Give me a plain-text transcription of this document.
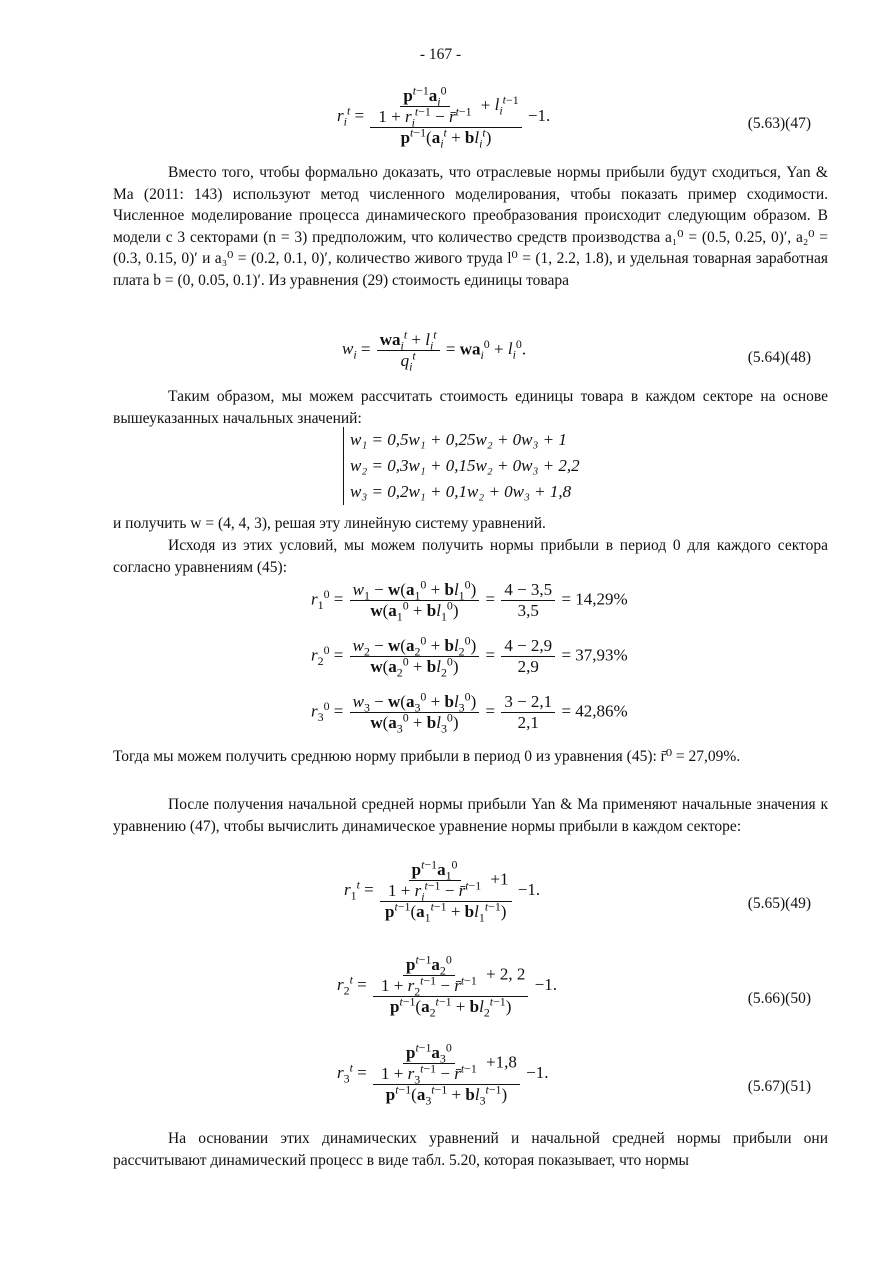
- 167 -
$r_i^t = \frac{\frac{p^{t-1}a_i^0}{1 + r_i^{t-1} - r̄^{t-1}} + l_i^{t-1}}{p^{t-1}(a_i^t + bl_i^t)} -1$.	(5.63)(47)

Вместо того, чтобы формально доказать, что отраслевые нормы прибыли будут сходиться, Yan & Ma (2011: 143) используют метод численного моделирования, чтобы показать пример сходимости. Численное моделирование процесса динамического преобразования происходит следующим образом. В модели с 3 секторами (n = 3) предположим, что количество средств производства a₁⁰ = (0.5, 0.25, 0)′, a₂⁰ = (0.3, 0.15, 0)′ и a₃⁰ = (0.2, 0.1, 0)′, количество живого труда l⁰ = (1, 2.2, 1.8), и удельная товарная заработная плата b = (0, 0.05, 0.1)′. Из уравнения (29) стоимость единицы товара

$w_i = \frac{wa_i^t + l_i^t}{q_i^t} = wa_i^0 + l_i^0$.	(5.64)(48)

Таким образом, мы можем рассчитать стоимость единицы товара в каждом секторе на основе вышеуказанных начальных значений:

w₁ = 0,5w₁ + 0,25w₂ + 0w₃ + 1
w₂ = 0,3w₁ + 0,15w₂ + 0w₃ + 2,2
w₃ = 0,2w₁ + 0,1w₂ + 0w₃ + 1,8

и получить w = (4, 4, 3), решая эту линейную систему уравнений.

Исходя из этих условий, мы можем получить нормы прибыли в период 0 для каждого сектора согласно уравнениям (45):

$r_1^0 = \frac{w_1 - w(a_1^0 + bl_1^0)}{w(a_1^0 + bl_1^0)} = \frac{4 - 3,5}{3,5} = 14,29\%$
$r_2^0 = \frac{w_2 - w(a_2^0 + bl_2^0)}{w(a_2^0 + bl_2^0)} = \frac{4 - 2,9}{2,9} = 37,93\%$
$r_3^0 = \frac{w_3 - w(a_3^0 + bl_3^0)}{w(a_3^0 + bl_3^0)} = \frac{3 - 2,1}{2,1} = 42,86\%$

Тогда мы можем получить среднюю норму прибыли в период 0 из уравнения (45): r̄⁰ = 27,09%.

После получения начальной средней нормы прибыли Yan & Ma применяют начальные значения к уравнению (47), чтобы вычислить динамическое уравнение нормы прибыли в каждом секторе:

$r_1^t = \frac{\frac{p^{t-1}a_1^0}{1 + r_i^{t-1} - r̄^{t-1}} +1}{p^{t-1}(a_1^{t-1} + bl_1^{t-1})} -1$.
(5.65)(49)
$r_2^t = \frac{\frac{p^{t-1}a_2^0}{1 + r_2^{t-1} - r̄^{t-1}} + 2, 2}{p^{t-1}(a_2^{t-1} + bl_2^{t-1})} -1$.
(5.66)(50)
$r_3^t = \frac{\frac{p^{t-1}a_3^0}{1 + r_3^{t-1} - r̄^{t-1}} +1,8}{p^{t-1}(a_3^{t-1} + bl_3^{t-1})} -1$.
(5.67)(51)

На основании этих динамических уравнений и начальной средней нормы прибыли они рассчитывают динамический процесс в виде табл. 5.20, которая показывает, что нормы
